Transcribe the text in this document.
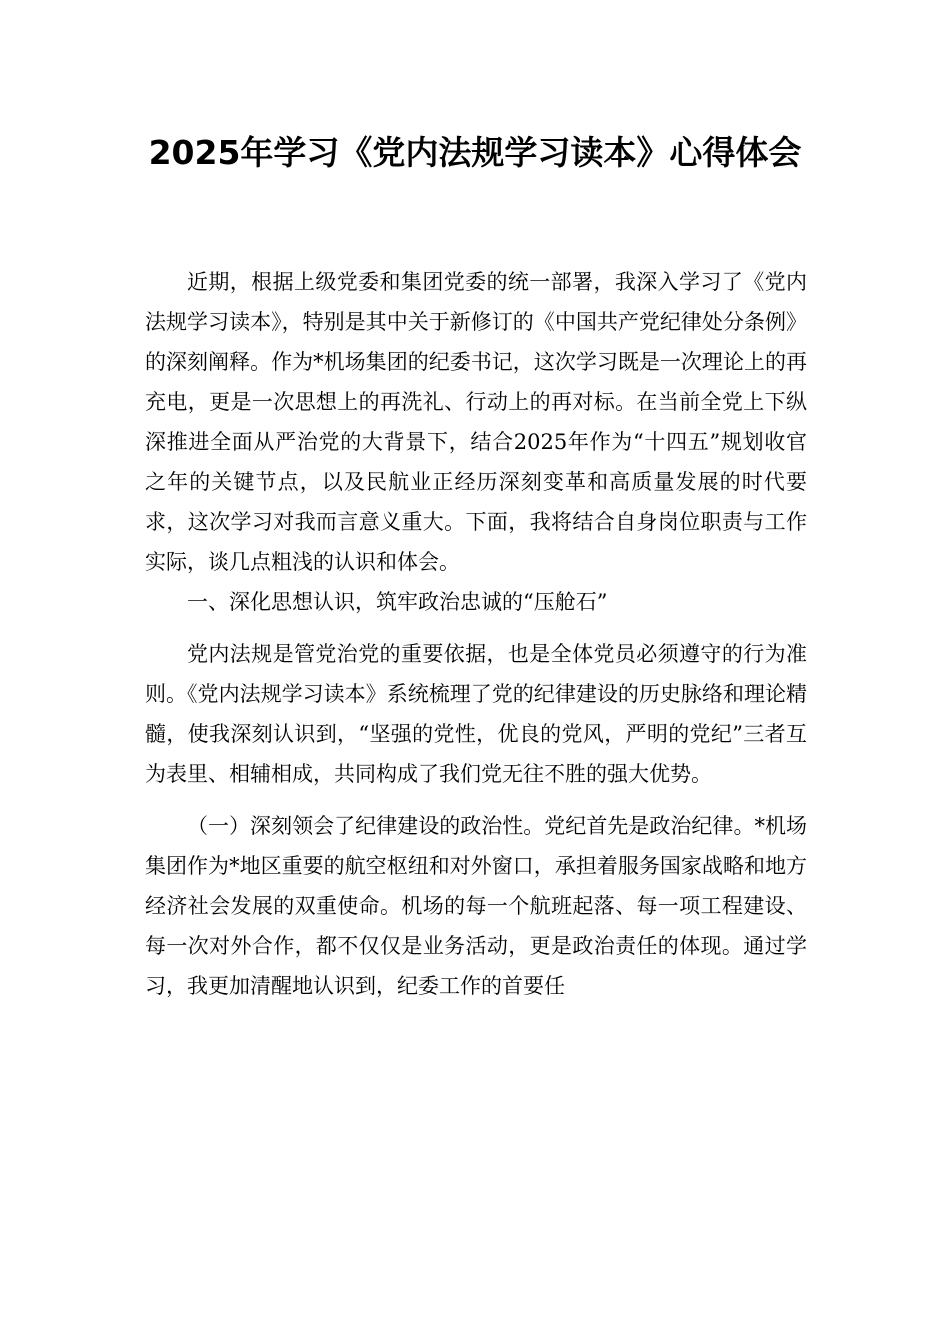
2025年学习《党内法规学习读本》心得体会

近期，根据上级党委和集团党委的统一部署，我深入学习了《党内法规学习读本》，特别是其中关于新修订的《中国共产党纪律处分条例》的深刻阐释。作为*机场集团的纪委书记，这次学习既是一次理论上的再充电，更是一次思想上的再洗礼、行动上的再对标。在当前全党上下纵深推进全面从严治党的大背景下，结合2025年作为“十四五”规划收官之年的关键节点，以及民航业正经历深刻变革和高质量发展的时代要求，这次学习对我而言意义重大。下面，我将结合自身岗位职责与工作实际，谈几点粗浅的认识和体会。

一、深化思想认识，筑牢政治忠诚的“压舱石”

党内法规是管党治党的重要依据，也是全体党员必须遵守的行为准则。《党内法规学习读本》系统梳理了党的纪律建设的历史脉络和理论精髓，使我深刻认识到，“坚强的党性，优良的党风，严明的党纪”三者互为表里、相辅相成，共同构成了我们党无往不胜的强大优势。

（一）深刻领会了纪律建设的政治性。党纪首先是政治纪律。*机场集团作为*地区重要的航空枢纽和对外窗口，承担着服务国家战略和地方经济社会发展的双重使命。机场的每一个航班起落、每一项工程建设、每一次对外合作，都不仅仅是业务活动，更是政治责任的体现。通过学习，我更加清醒地认识到，纪委工作的首要任
